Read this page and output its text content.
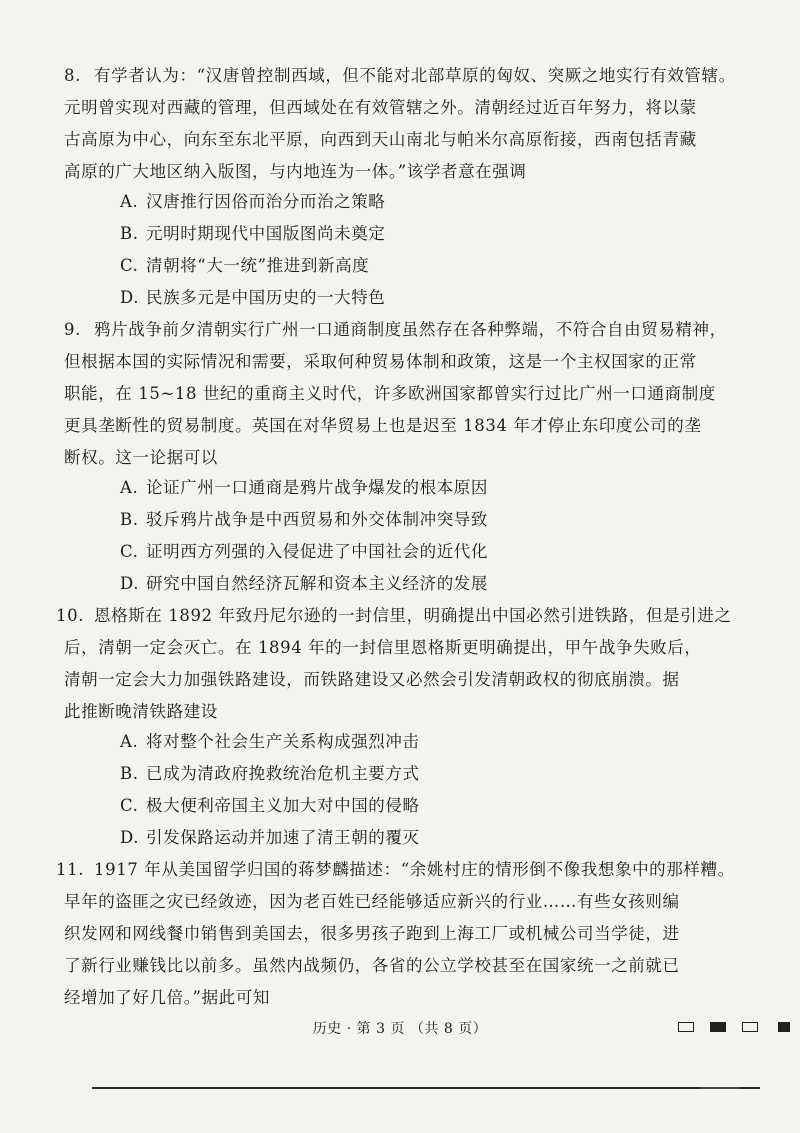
8. 有学者认为：“汉唐曾控制西域，但不能对北部草原的匈奴、突厥之地实行有效管辖。
元明曾实现对西藏的管理，但西域处在有效管辖之外。清朝经过近百年努力，将以蒙
古高原为中心，向东至东北平原，向西到天山南北与帕米尔高原衔接，西南包括青藏
高原的广大地区纳入版图，与内地连为一体。”该学者意在强调
A. 汉唐推行因俗而治分而治之策略
B. 元明时期现代中国版图尚未奠定
C. 清朝将“大一统”推进到新高度
D. 民族多元是中国历史的一大特色
9. 鸦片战争前夕清朝实行广州一口通商制度虽然存在各种弊端，不符合自由贸易精神，
但根据本国的实际情况和需要，采取何种贸易体制和政策，这是一个主权国家的正常
职能，在 15~18 世纪的重商主义时代，许多欧洲国家都曾实行过比广州一口通商制度
更具垄断性的贸易制度。英国在对华贸易上也是迟至 1834 年才停止东印度公司的垄
断权。这一论据可以
A. 论证广州一口通商是鸦片战争爆发的根本原因
B. 驳斥鸦片战争是中西贸易和外交体制冲突导致
C. 证明西方列强的入侵促进了中国社会的近代化
D. 研究中国自然经济瓦解和资本主义经济的发展
10. 恩格斯在 1892 年致丹尼尔逊的一封信里，明确提出中国必然引进铁路，但是引进之
后，清朝一定会灭亡。在 1894 年的一封信里恩格斯更明确提出，甲午战争失败后，
清朝一定会大力加强铁路建设，而铁路建设又必然会引发清朝政权的彻底崩溃。据
此推断晚清铁路建设
A. 将对整个社会生产关系构成强烈冲击
B. 已成为清政府挽救统治危机主要方式
C. 极大便利帝国主义加大对中国的侵略
D. 引发保路运动并加速了清王朝的覆灭
11. 1917 年从美国留学归国的蒋梦麟描述：“余姚村庄的情形倒不像我想象中的那样糟。
早年的盗匪之灾已经敛迹，因为老百姓已经能够适应新兴的行业……有些女孩则编
织发网和网线餐巾销售到美国去，很多男孩子跑到上海工厂或机械公司当学徒，进
了新行业赚钱比以前多。虽然内战频仍，各省的公立学校甚至在国家统一之前就已
经增加了好几倍。”据此可知
历史 · 第 3 页 （共 8 页）
